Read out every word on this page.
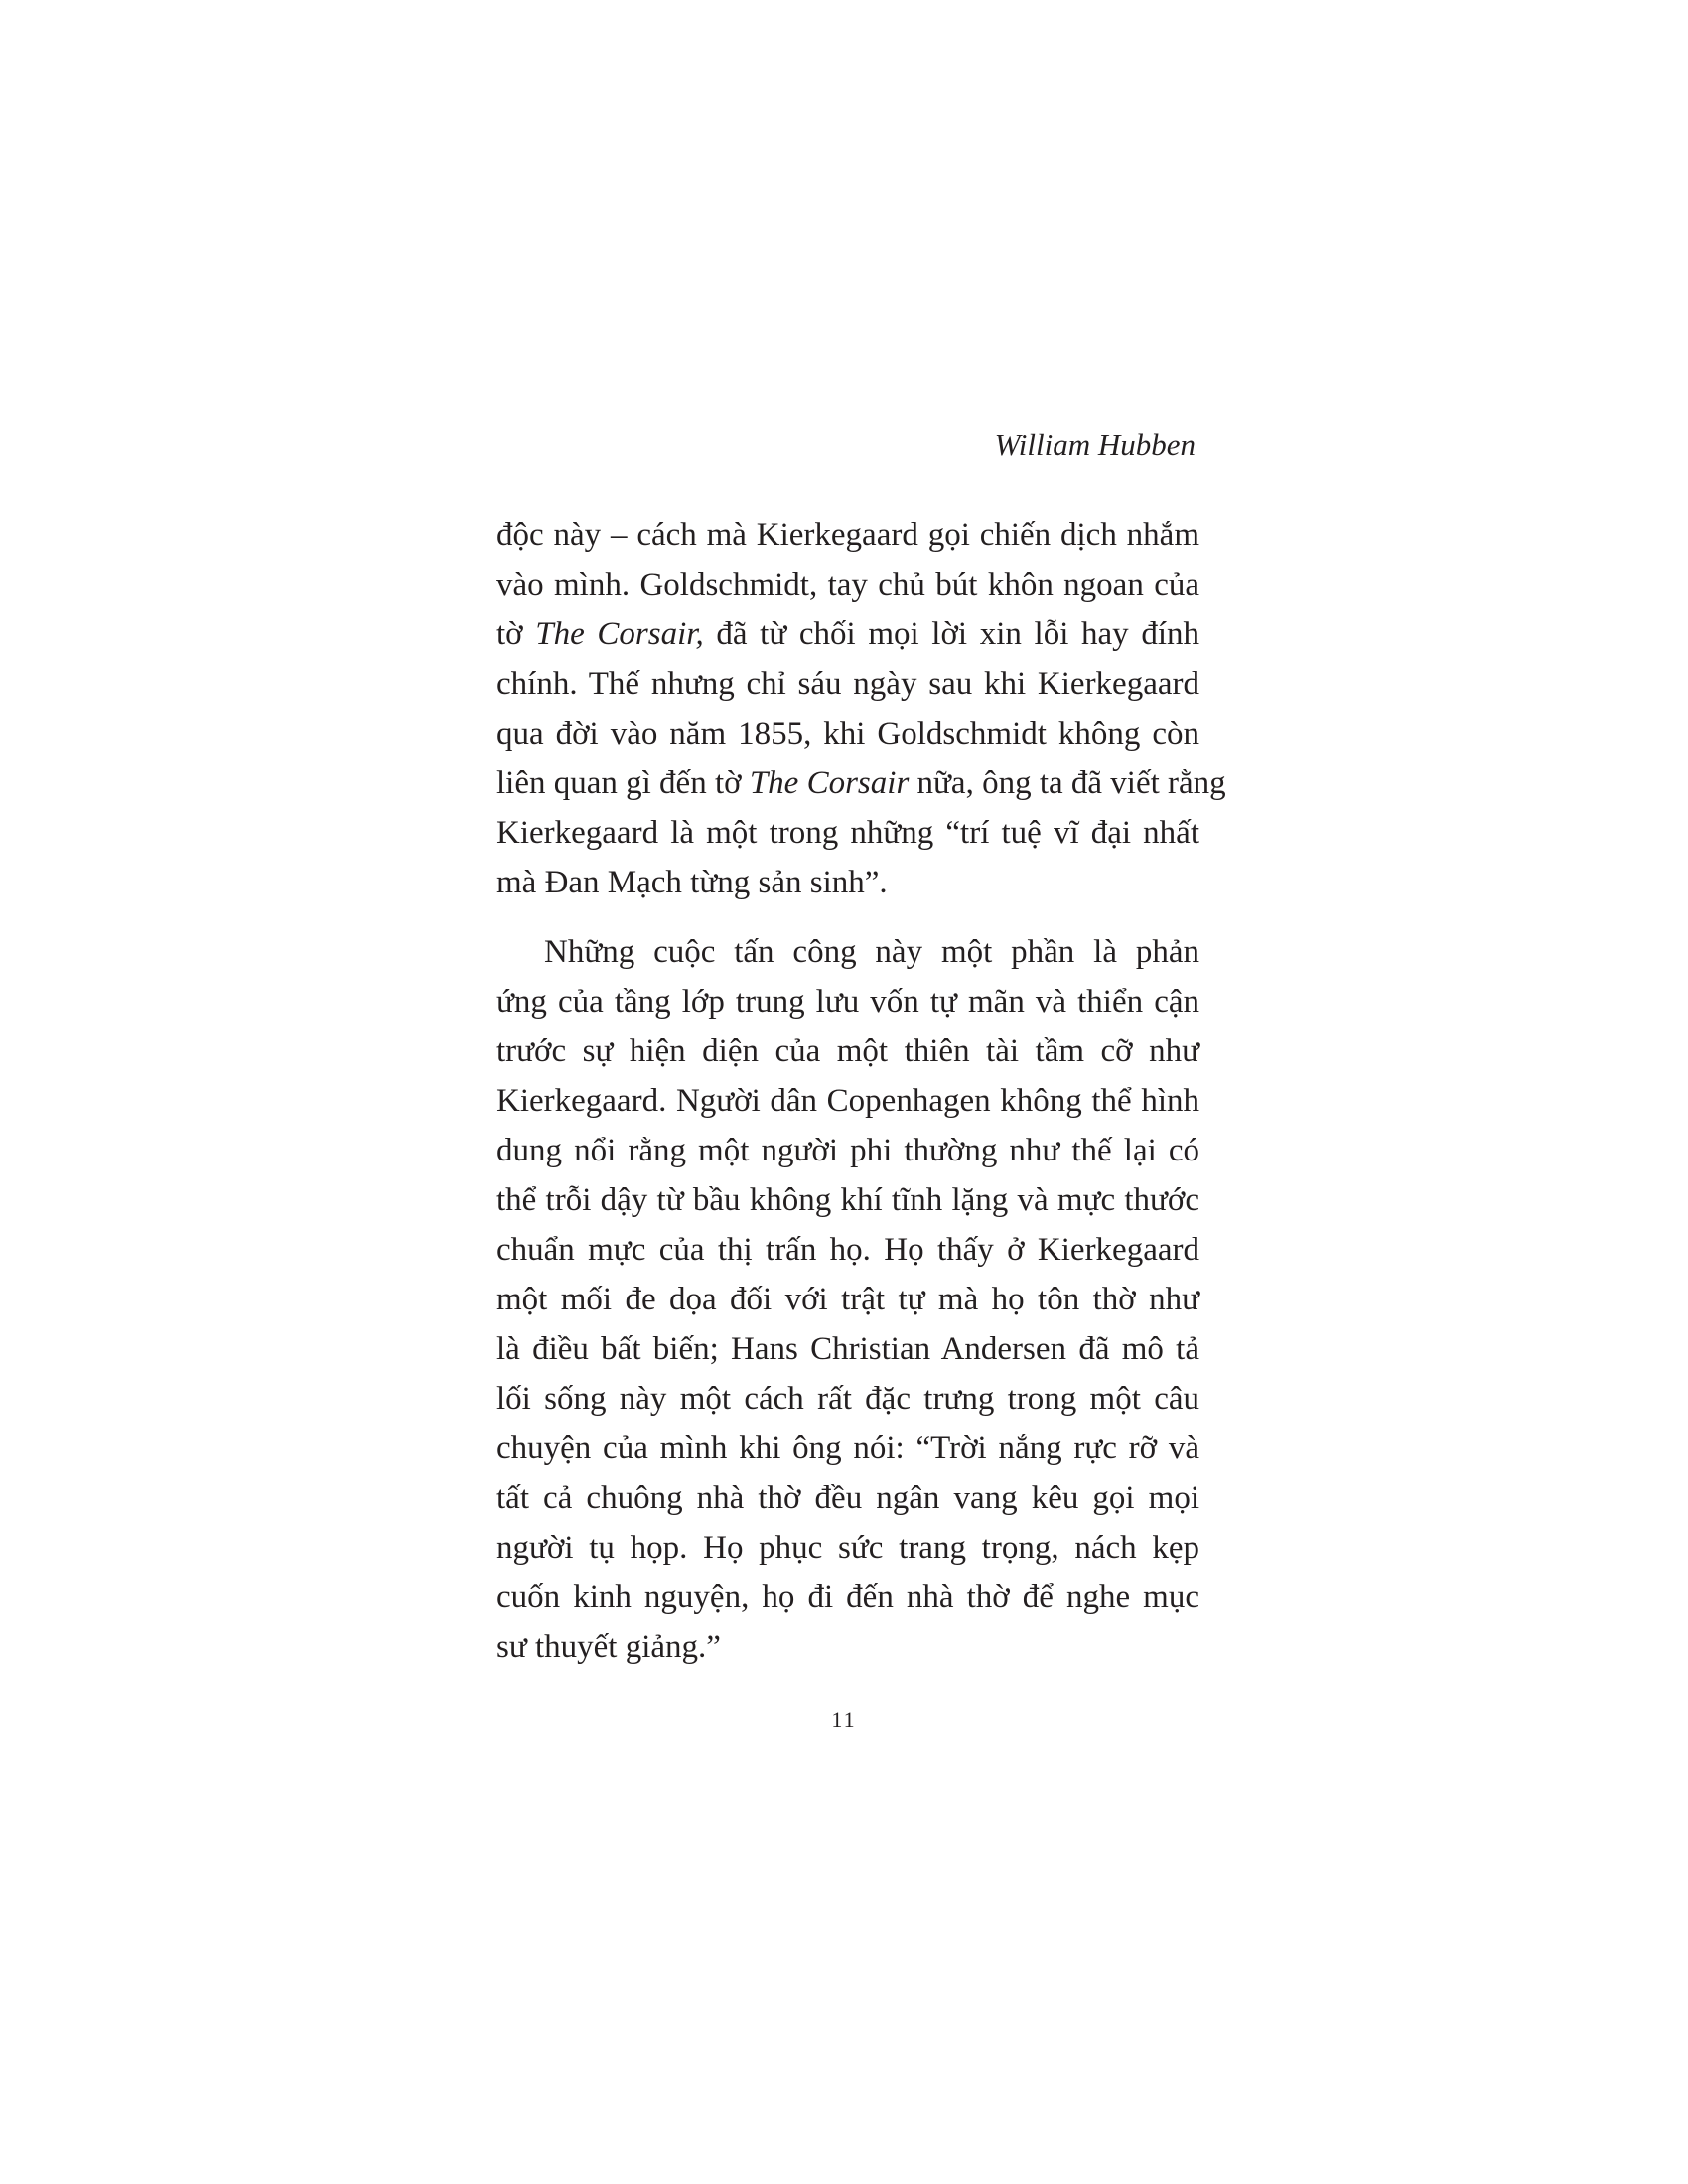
William Hubben
độc này – cách mà Kierkegaard gọi chiến dịch nhắm
vào mình. Goldschmidt, tay chủ bút khôn ngoan của
tờ The Corsair, đã từ chối mọi lời xin lỗi hay đính
chính. Thế nhưng chỉ sáu ngày sau khi Kierkegaard
qua đời vào năm 1855, khi Goldschmidt không còn
liên quan gì đến tờ The Corsair nữa, ông ta đã viết rằng
Kierkegaard là một trong những “trí tuệ vĩ đại nhất
mà Đan Mạch từng sản sinh”.
Những cuộc tấn công này một phần là phản
ứng của tầng lớp trung lưu vốn tự mãn và thiển cận
trước sự hiện diện của một thiên tài tầm cỡ như
Kierkegaard. Người dân Copenhagen không thể hình
dung nổi rằng một người phi thường như thế lại có
thể trỗi dậy từ bầu không khí tĩnh lặng và mực thước
chuẩn mực của thị trấn họ. Họ thấy ở Kierkegaard
một mối đe dọa đối với trật tự mà họ tôn thờ như
là điều bất biến; Hans Christian Andersen đã mô tả
lối sống này một cách rất đặc trưng trong một câu
chuyện của mình khi ông nói: “Trời nắng rực rỡ và
tất cả chuông nhà thờ đều ngân vang kêu gọi mọi
người tụ họp. Họ phục sức trang trọng, nách kẹp
cuốn kinh nguyện, họ đi đến nhà thờ để nghe mục
sư thuyết giảng.”
11
